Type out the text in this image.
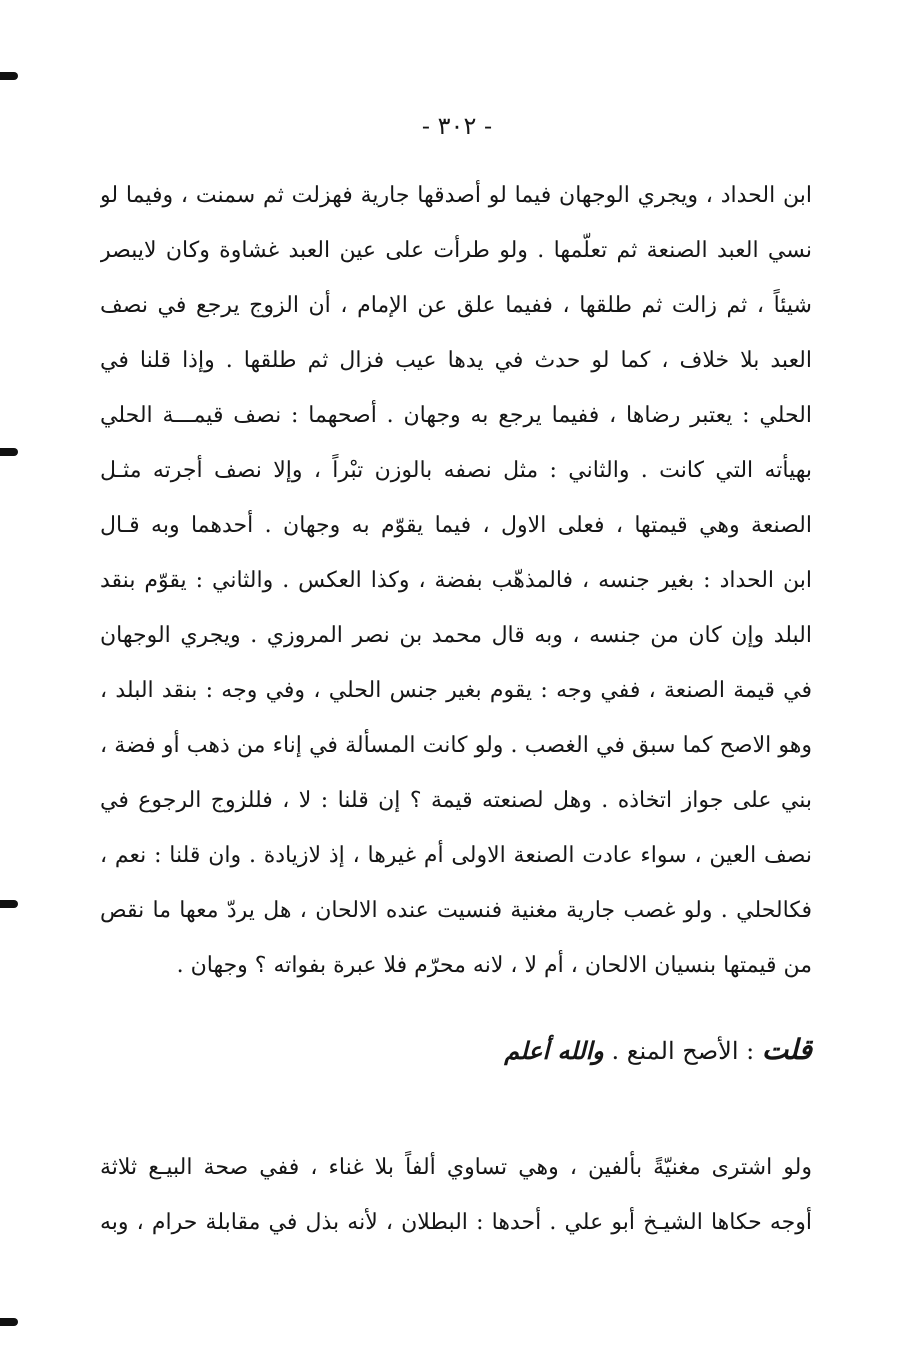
- ٣٠٢ -
ابن الحداد ، ويجري الوجهان فيما لو أصدقها جارية فهزلت ثم سمنت ، وفيما لو
نسي العبد الصنعة ثم تعلّمها . ولو طرأت على عين العبد غشاوة وكان لايبصر
شيئاً ، ثم زالت ثم طلقها ، ففيما علق عن الإمام ، أن الزوج يرجع في نصف
العبد بلا خلاف ، كما لو حدث في يدها عيب فزال ثم طلقها . وإذا قلنا في
الحلي : يعتبر رضاها ، ففيما يرجع به وجهان . أصحهما : نصف قيمـــة الحلي
بهيأته التي كانت . والثاني : مثل نصفه بالوزن تبْراً ، وإلا نصف أجرته مثـل
الصنعة وهي قيمتها ، فعلى الاول ، فيما يقوّم به وجهان . أحدهما وبه قـال
ابن الحداد : بغير جنسه ، فالمذهّب بفضة ، وكذا العكس . والثاني : يقوّم بنقد
البلد وإن كان من جنسه ، وبه قال محمد بن نصر المروزي . ويجري الوجهان
في قيمة الصنعة ، ففي وجه : يقوم بغير جنس الحلي ، وفي وجه : بنقد البلد ،
وهو الاصح كما سبق في الغصب . ولو كانت المسألة في إناء من ذهب أو فضة ،
بني على جواز اتخاذه . وهل لصنعته قيمة ؟ إن قلنا : لا ، فللزوج الرجوع في
نصف العين ، سواء عادت الصنعة الاولى أم غيرها ، إذ لازيادة . وان قلنا : نعم ،
فكالحلي . ولو غصب جارية مغنية فنسيت عنده الالحان ، هل يردّ معها ما نقص
من قيمتها بنسيان الالحان ، أم لا ، لانه محرّم فلا عبرة بفواته ؟ وجهان .
قلت : الأصح المنع . والله أعلم
ولو اشترى مغنيّةً بألفين ، وهي تساوي ألفاً بلا غناء ، ففي صحة البيـع ثلاثة
أوجه حكاها الشيـخ أبو علي . أحدها : البطلان ، لأنه بذل في مقابلة حرام ، وبه
